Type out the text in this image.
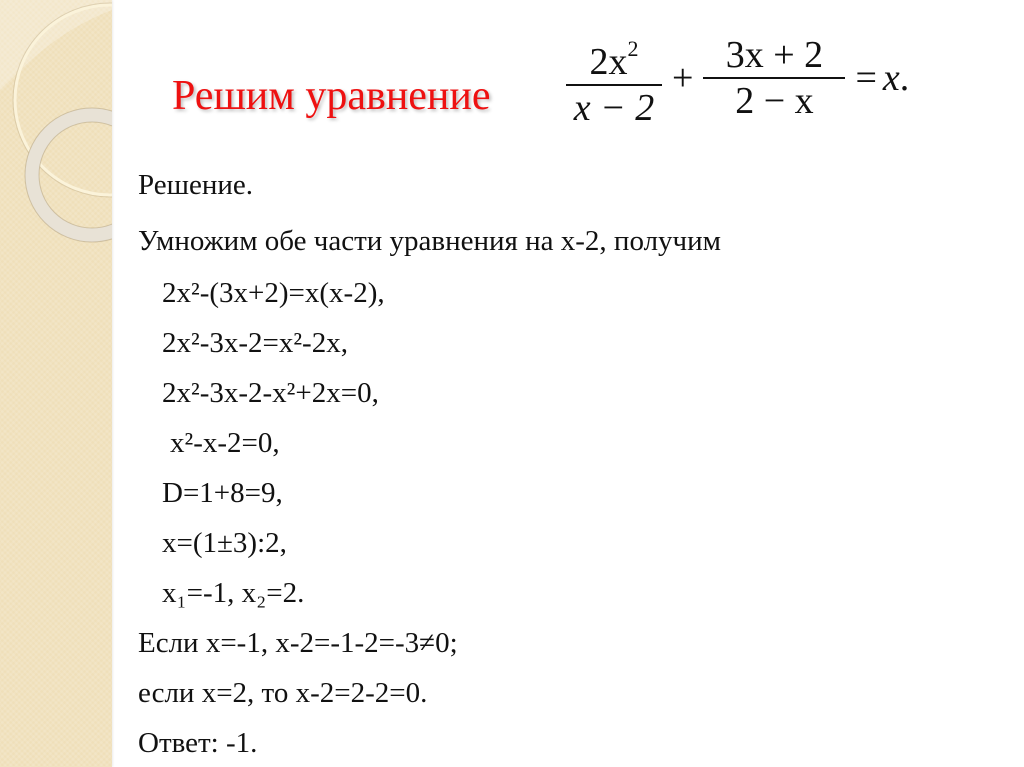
Решим уравнение $\frac{2x^2}{x - 2} + \frac{3x + 2}{2 - x} = x$ .
Решение.
Умножим обе части уравнения на х-2, получим
2х²-(3х+2)=х(х-2),
2х²-3х-2=х²-2х,
2х²-3х-2-х²+2х=0,
х²-х-2=0,
D=1+8=9,
х=(1±3):2,
х₁=-1, х₂=2.
Если х=-1, х-2=-1-2=-3≠0;
если х=2, то х-2=2-2=0.
Ответ: -1.
